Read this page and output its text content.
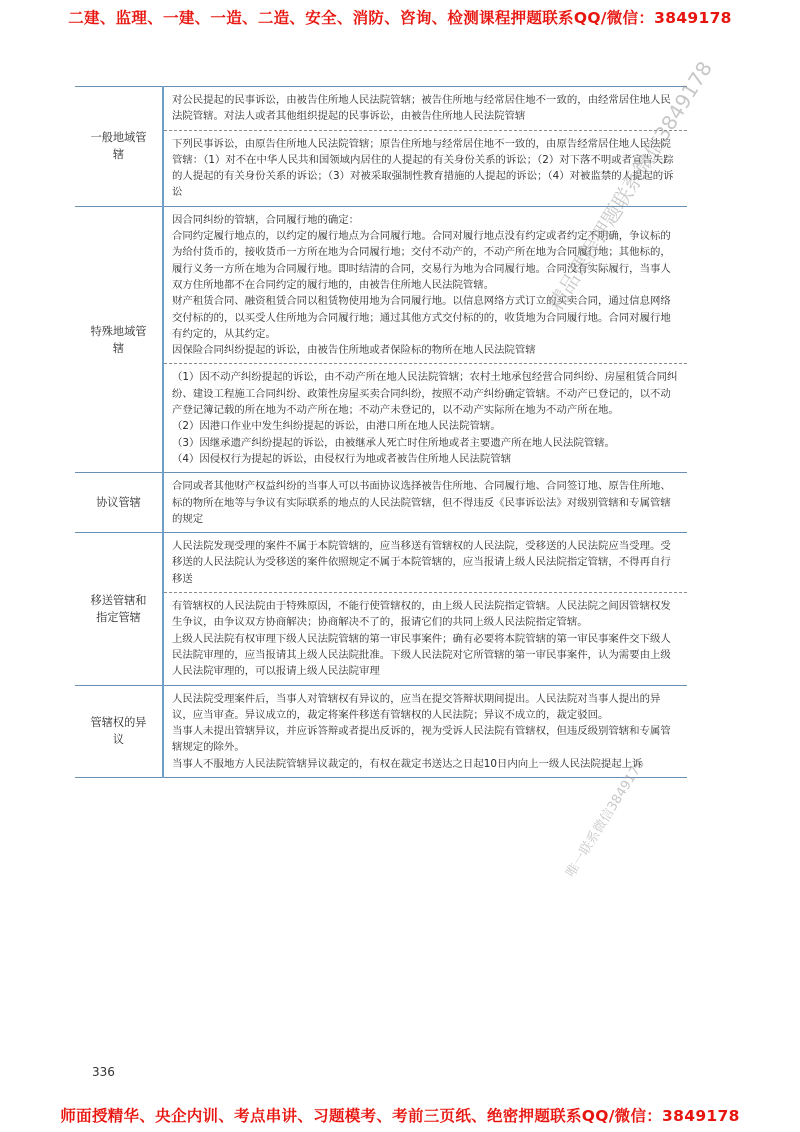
二建、监理、一建、一造、二造、安全、消防、咨询、检测课程押题联系QQ/微信：3849178
一般地域管辖	对公民提起的民事诉讼，由被告住所地人民法院管辖；被告住所地与经常居住地不一致的，由经常居住地人民法院管辖。对法人或者其他组织提起的民事诉讼，由被告住所地人民法院管辖
	下列民事诉讼，由原告住所地人民法院管辖；原告住所地与经常居住地不一致的，由原告经常居住地人民法院管辖：（1）对不在中华人民共和国领域内居住的人提起的有关身份关系的诉讼；（2）对下落不明或者宣告失踪的人提起的有关身份关系的诉讼；（3）对被采取强制性教育措施的人提起的诉讼；（4）对被监禁的人提起的诉讼
特殊地域管辖	因合同纠纷的管辖，合同履行地的确定：
合同约定履行地点的，以约定的履行地点为合同履行地。合同对履行地点没有约定或者约定不明确，争议标的为给付货币的，接收货币一方所在地为合同履行地；交付不动产的，不动产所在地为合同履行地；其他标的，履行义务一方所在地为合同履行地。即时结清的合同，交易行为地为合同履行地。合同没有实际履行，当事人双方住所地都不在合同约定的履行地的，由被告住所地人民法院管辖。
财产租赁合同、融资租赁合同以租赁物使用地为合同履行地。以信息网络方式订立的买卖合同，通过信息网络交付标的的，以买受人住所地为合同履行地；通过其他方式交付标的的，收货地为合同履行地。合同对履行地有约定的，从其约定。
因保险合同纠纷提起的诉讼，由被告住所地或者保险标的物所在地人民法院管辖
	（1）因不动产纠纷提起的诉讼，由不动产所在地人民法院管辖；农村土地承包经营合同纠纷、房屋租赁合同纠纷、建设工程施工合同纠纷、政策性房屋买卖合同纠纷，按照不动产纠纷确定管辖。不动产已登记的，以不动产登记簿记载的所在地为不动产所在地；不动产未登记的，以不动产实际所在地为不动产所在地。
（2）因港口作业中发生纠纷提起的诉讼，由港口所在地人民法院管辖。
（3）因继承遗产纠纷提起的诉讼，由被继承人死亡时住所地或者主要遗产所在地人民法院管辖。
（4）因侵权行为提起的诉讼，由侵权行为地或者被告住所地人民法院管辖
协议管辖	合同或者其他财产权益纠纷的当事人可以书面协议选择被告住所地、合同履行地、合同签订地、原告住所地、标的物所在地等与争议有实际联系的地点的人民法院管辖，但不得违反《民事诉讼法》对级别管辖和专属管辖的规定
移送管辖和指定管辖	人民法院发现受理的案件不属于本院管辖的，应当移送有管辖权的人民法院，受移送的人民法院应当受理。受移送的人民法院认为受移送的案件依照规定不属于本院管辖的，应当报请上级人民法院指定管辖，不得再自行移送
	有管辖权的人民法院由于特殊原因，不能行使管辖权的，由上级人民法院指定管辖。人民法院之间因管辖权发生争议，由争议双方协商解决；协商解决不了的，报请它们的共同上级人民法院指定管辖。
上级人民法院有权审理下级人民法院管辖的第一审民事案件；确有必要将本院管辖的第一审民事案件交下级人民法院审理的，应当报请其上级人民法院批准。下级人民法院对它所管辖的第一审民事案件，认为需要由上级人民法院审理的，可以报请上级人民法院审理
管辖权的异议	人民法院受理案件后，当事人对管辖权有异议的，应当在提交答辩状期间提出。人民法院对当事人提出的异议，应当审查。异议成立的，裁定将案件移送有管辖权的人民法院；异议不成立的，裁定驳回。
当事人未提出管辖异议，并应诉答辩或者提出反诉的，视为受诉人民法院有管辖权，但违反级别管辖和专属管辖规定的除外。
当事人不服地方人民法院管辖异议裁定的，有权在裁定书送达之日起10日内向上一级人民法院提起上诉
精品课程押题联系微信3849178
唯一联系微信3849178
336
师面授精华、央企内训、考点串讲、习题模考、考前三页纸、绝密押题联系QQ/微信：3849178
